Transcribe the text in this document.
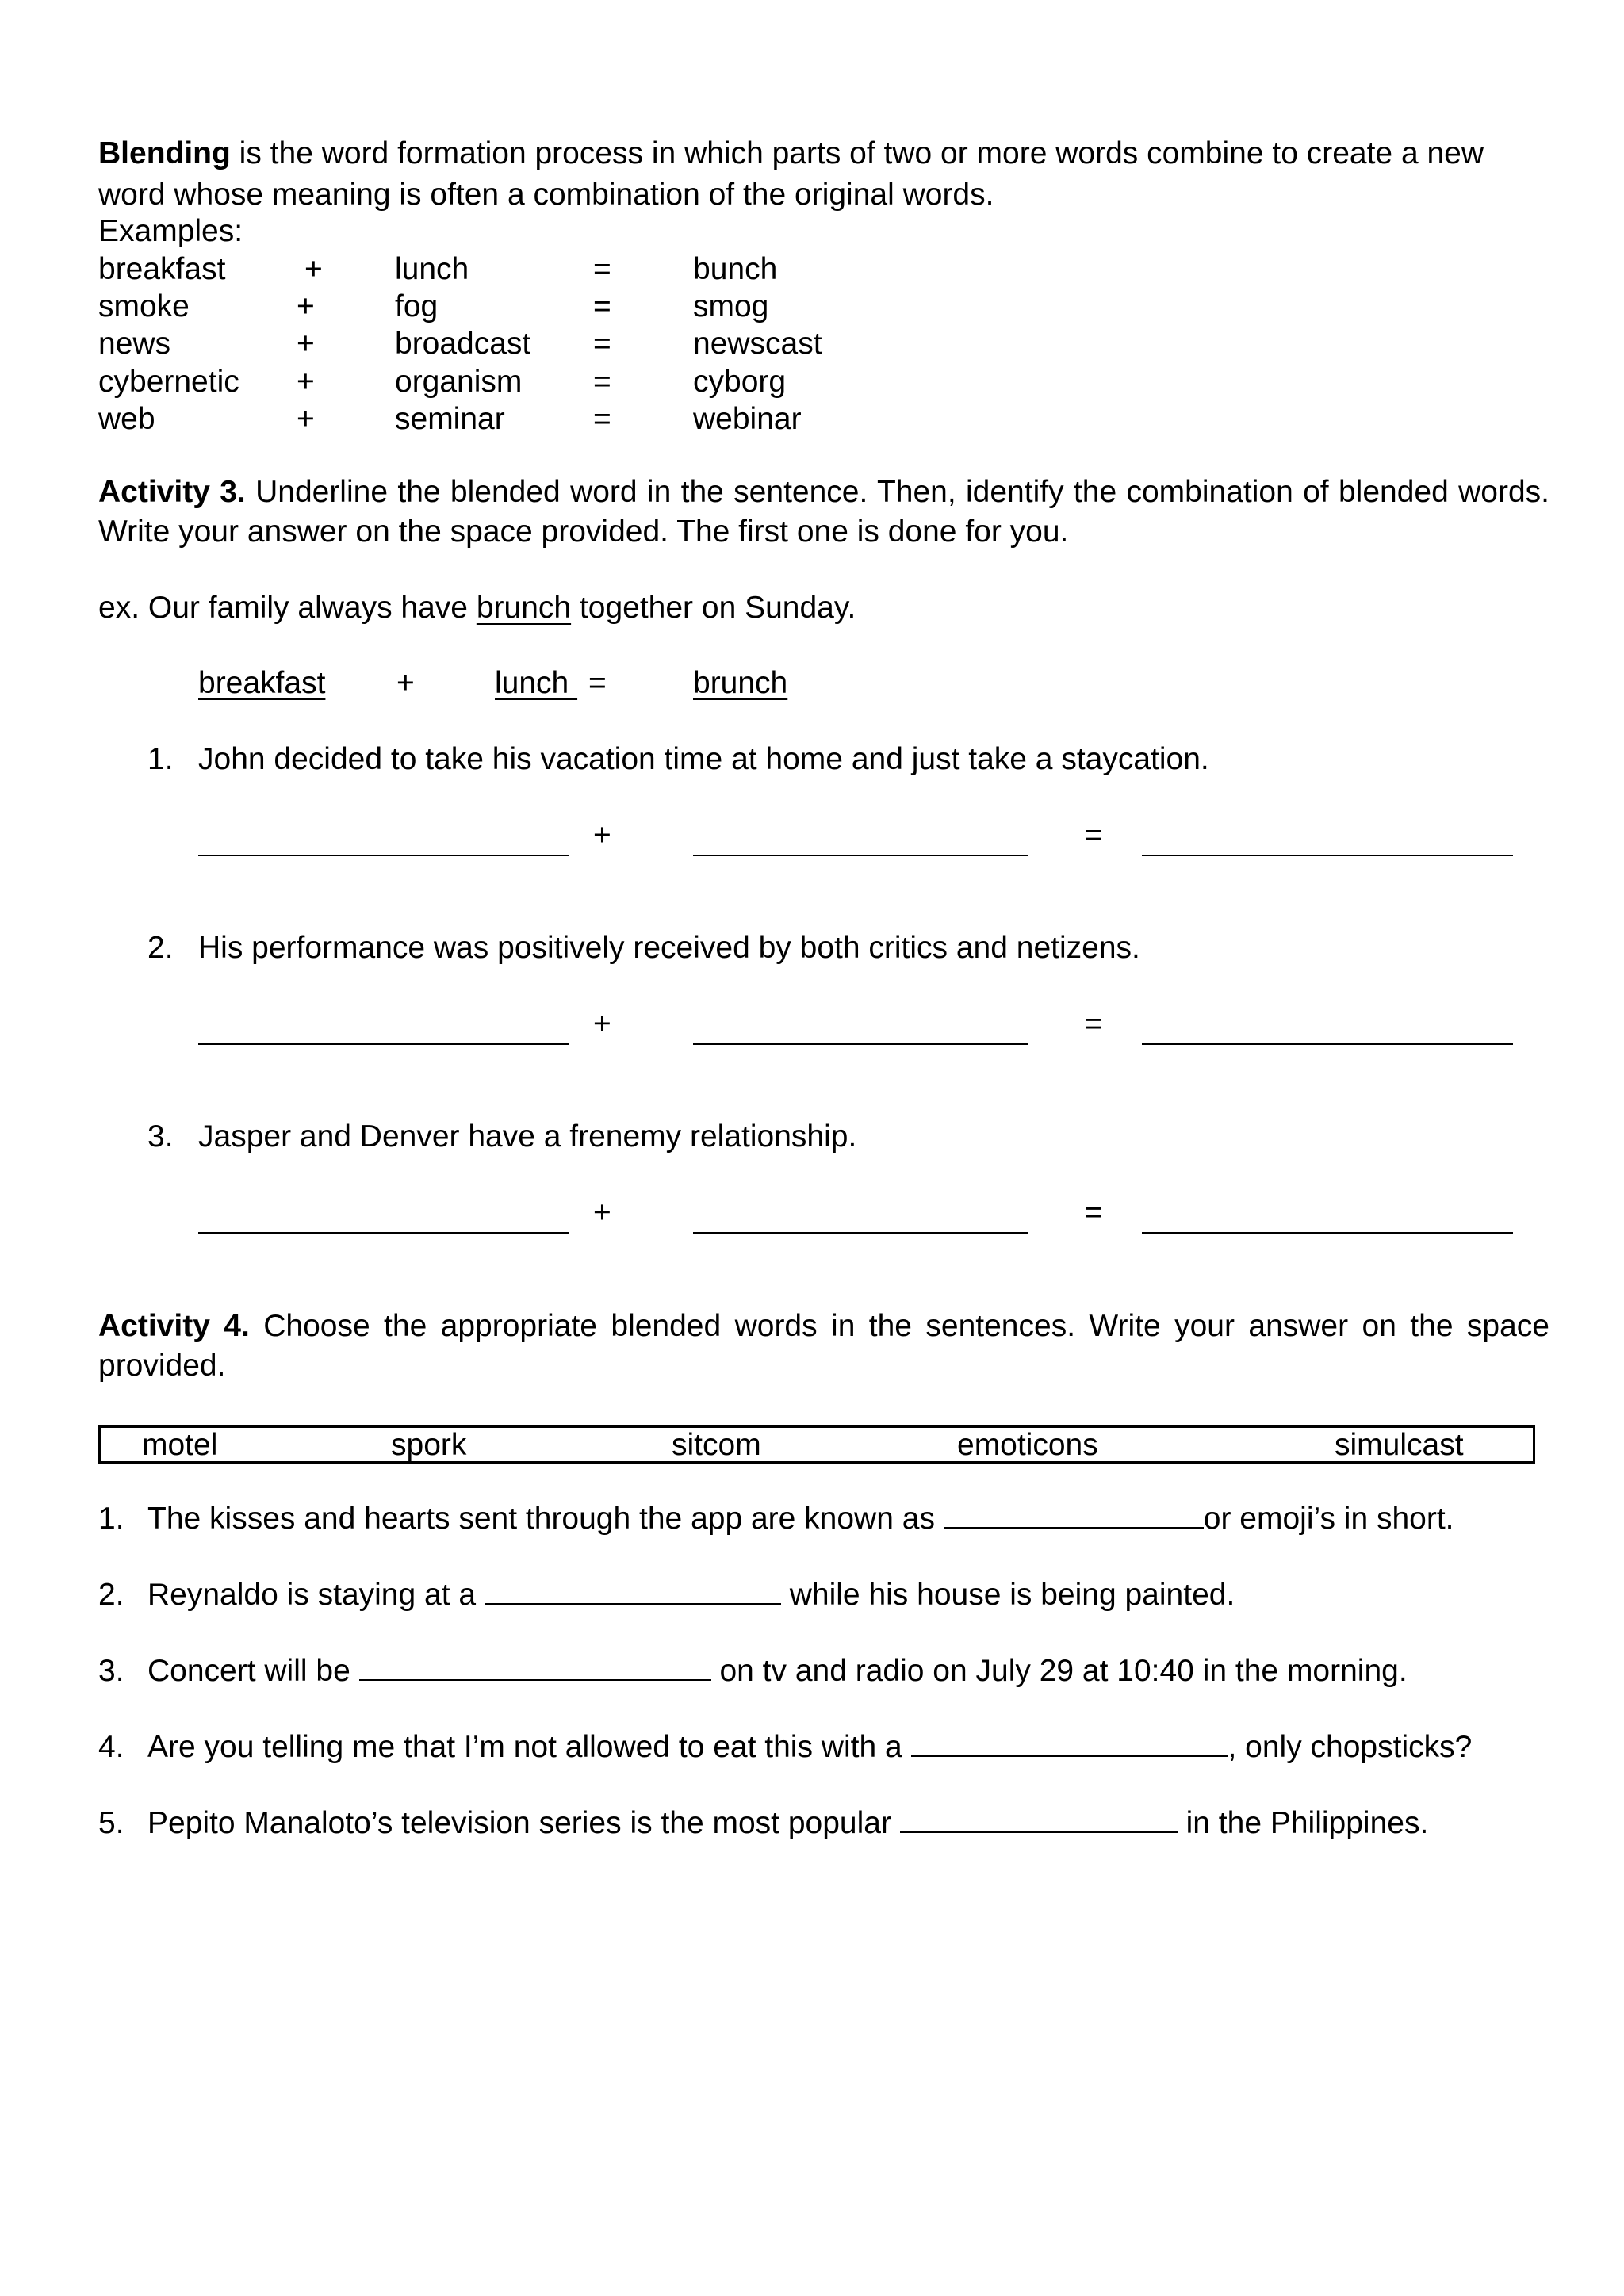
Blending is the word formation process in which parts of two or more words combine to create a new word whose meaning is often a combination of the original words.
Examples:
breakfast	+ lunch	=	bunch
smoke	+	fog	=	smog
news	+	broadcast =	newscast
cybernetic +	organism =	cyborg
web	+	seminar	=	webinar
Activity 3. Underline the blended word in the sentence. Then, identify the combination of blended words. Write your answer on the space provided. The first one is done for you.
ex. Our family always have brunch together on Sunday.
breakfast +	lunch =	brunch
1. John decided to take his vacation time at home and just take a staycation.
+	=
2. His performance was positively received by both critics and netizens.
+	=
3. Jasper and Denver have a frenemy relationship.
+	=
Activity 4. Choose the appropriate blended words in the sentences. Write your answer on the space provided.
motel	spork	sitcom	emoticons	simulcast
1. The kisses and hearts sent through the app are known as	or emoji’s in short.
2. Reynaldo is staying at a	while his house is being painted.
3. Concert will be	on tv and radio on July 29 at 10:40 in the morning.
4. Are you telling me that I’m not allowed to eat this with a	, only chopsticks?
5. Pepito Manaloto’s television series is the most popular	in the Philippines.
